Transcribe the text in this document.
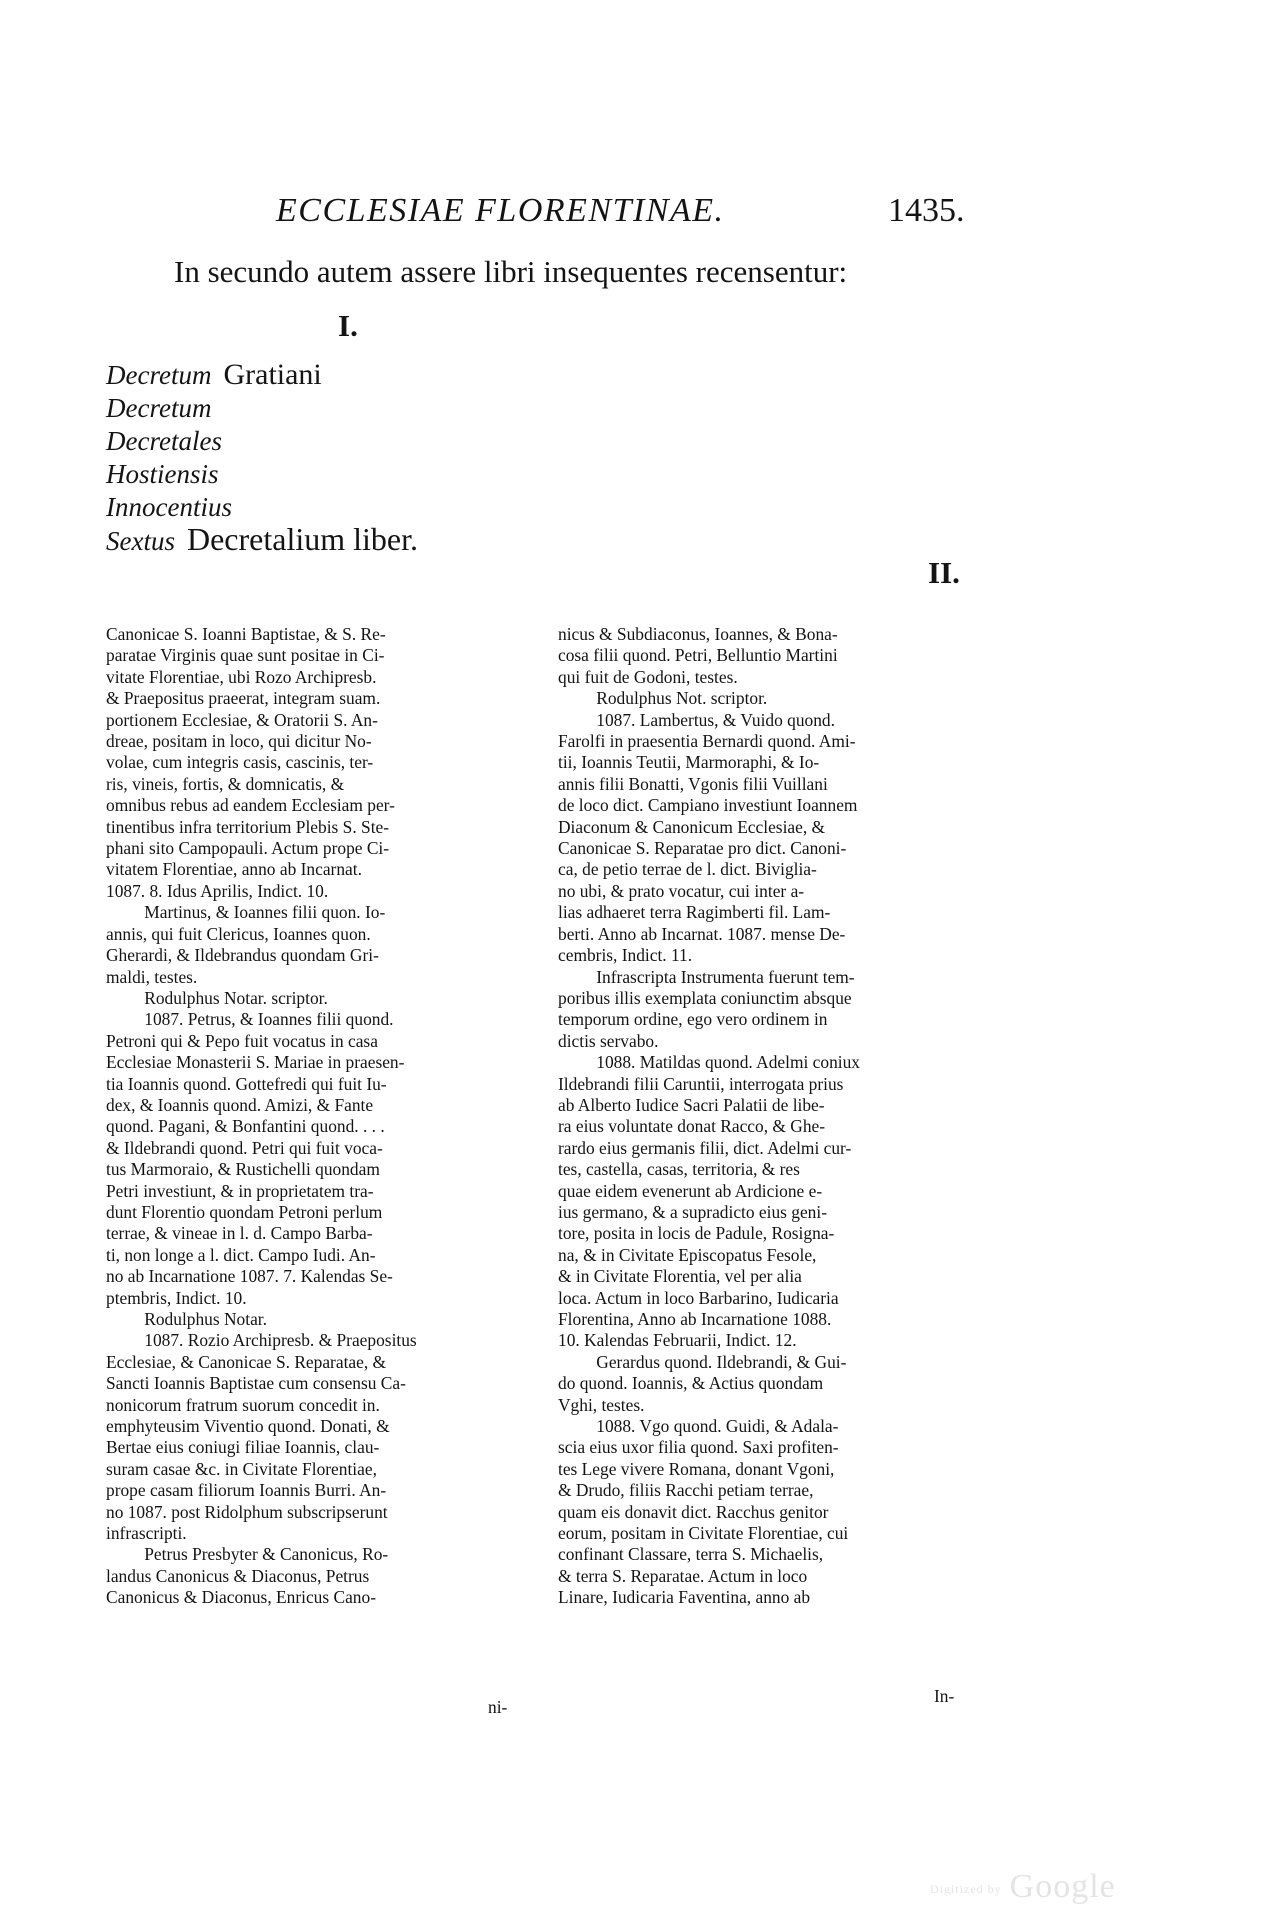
ECCLESIAE FLORENTINAE.	1435.
In secundo autem assere libri insequentes recensentur:
I.
Decretum Gratiani
Decretum
Decretales
Hostiensis
Innocentius
Sextus Decretalium liber.
II.
Canonicae S. Ioanni Baptistae, & S. Re-
paratae Virginis quae sunt positae in Ci-
vitate Florentiae, ubi Rozo Archipresb.
& Praepositus praeerat, integram suam.
portionem Ecclesiae, & Oratorii S. An-
dreae, positam in loco, qui dicitur No-
volae, cum integris casis, cascinis, ter-
ris, vineis, fortis, & domnicatis, &
omnibus rebus ad eandem Ecclesiam per-
tinentibus infra territorium Plebis S. Ste-
phani sito Campopauli. Actum prope Ci-
vitatem Florentiae, anno ab Incarnat.
1087. 8. Idus Aprilis, Indict. 10.
Martinus, & Ioannes filii quon. Io-
annis, qui fuit Clericus, Ioannes quon.
Gherardi, & Ildebrandus quondam Gri-
maldi, testes.
Rodulphus Notar. scriptor.
1087. Petrus, & Ioannes filii quond.
Petroni qui & Pepo fuit vocatus in casa
Ecclesiae Monasterii S. Mariae in praesen-
tia Ioannis quond. Gottefredi qui fuit Iu-
dex, & Ioannis quond. Amizi, & Fante
quond. Pagani, & Bonfantini quond. . . .
& Ildebrandi quond. Petri qui fuit voca-
tus Marmoraio, & Rustichelli quondam
Petri investiunt, & in proprietatem tra-
dunt Florentio quondam Petroni perlum
terrae, & vineae in l. d. Campo Barba-
ti, non longe a l. dict. Campo Iudi. An-
no ab Incarnatione 1087. 7. Kalendas Se-
ptembris, Indict. 10.
Rodulphus Notar.
1087. Rozio Archipresb. & Praepositus
Ecclesiae, & Canonicae S. Reparatae, &
Sancti Ioannis Baptistae cum consensu Ca-
nonicorum fratrum suorum concedit in.
emphyteusim Viventio quond. Donati, &
Bertae eius coniugi filiae Ioannis, clau-
suram casae &c. in Civitate Florentiae,
prope casam filiorum Ioannis Burri. An-
no 1087. post Ridolphum subscripserunt
infrascripti.
Petrus Presbyter & Canonicus, Ro-
landus Canonicus & Diaconus, Petrus
Canonicus & Diaconus, Enricus Cano-
ni-
nicus & Subdiaconus, Ioannes, & Bona-
cosa filii quond. Petri, Belluntio Martini
qui fuit de Godoni, testes.
Rodulphus Not. scriptor.
1087. Lambertus, & Vuido quond.
Farolfi in praesentia Bernardi quond. Ami-
tii, Ioannis Teutii, Marmoraphi, & Io-
annis filii Bonatti, Vgonis filii Vuillani
de loco dict. Campiano investiunt Ioannem
Diaconum & Canonicum Ecclesiae, &
Canonicae S. Reparatae pro dict. Canoni-
ca, de petio terrae de l. dict. Biviglia-
no ubi, & prato vocatur, cui inter a-
lias adhaeret terra Ragimberti fil. Lam-
berti. Anno ab Incarnat. 1087. mense De-
cembris, Indict. 11.
Infrascripta Instrumenta fuerunt tem-
poribus illis exemplata coniunctim absque
temporum ordine, ego vero ordinem in
dictis servabo.
1088. Matildas quond. Adelmi coniux
Ildebrandi filii Caruntii, interrogata prius
ab Alberto Iudice Sacri Palatii de libe-
ra eius voluntate donat Racco, & Ghe-
rardo eius germanis filii, dict. Adelmi cur-
tes, castella, casas, territoria, & res
quae eidem evenerunt ab Ardicione e-
ius germano, & a supradicto eius geni-
tore, posita in locis de Padule, Rosigna-
na, & in Civitate Episcopatus Fesole,
& in Civitate Florentia, vel per alia
loca. Actum in loco Barbarino, Iudicaria
Florentina, Anno ab Incarnatione 1088.
10. Kalendas Februarii, Indict. 12.
Gerardus quond. Ildebrandi, & Gui-
do quond. Ioannis, & Actius quondam
Vghi, testes.
1088. Vgo quond. Guidi, & Adala-
scia eius uxor filia quond. Saxi profiten-
tes Lege vivere Romana, donant Vgoni,
& Drudo, filiis Racchi petiam terrae,
quam eis donavit dict. Racchus genitor
eorum, positam in Civitate Florentiae, cui
confinant Classare, terra S. Michaelis,
& terra S. Reparatae. Actum in loco
Linare, Iudicaria Faventina, anno ab
In-
Digitized by Google
